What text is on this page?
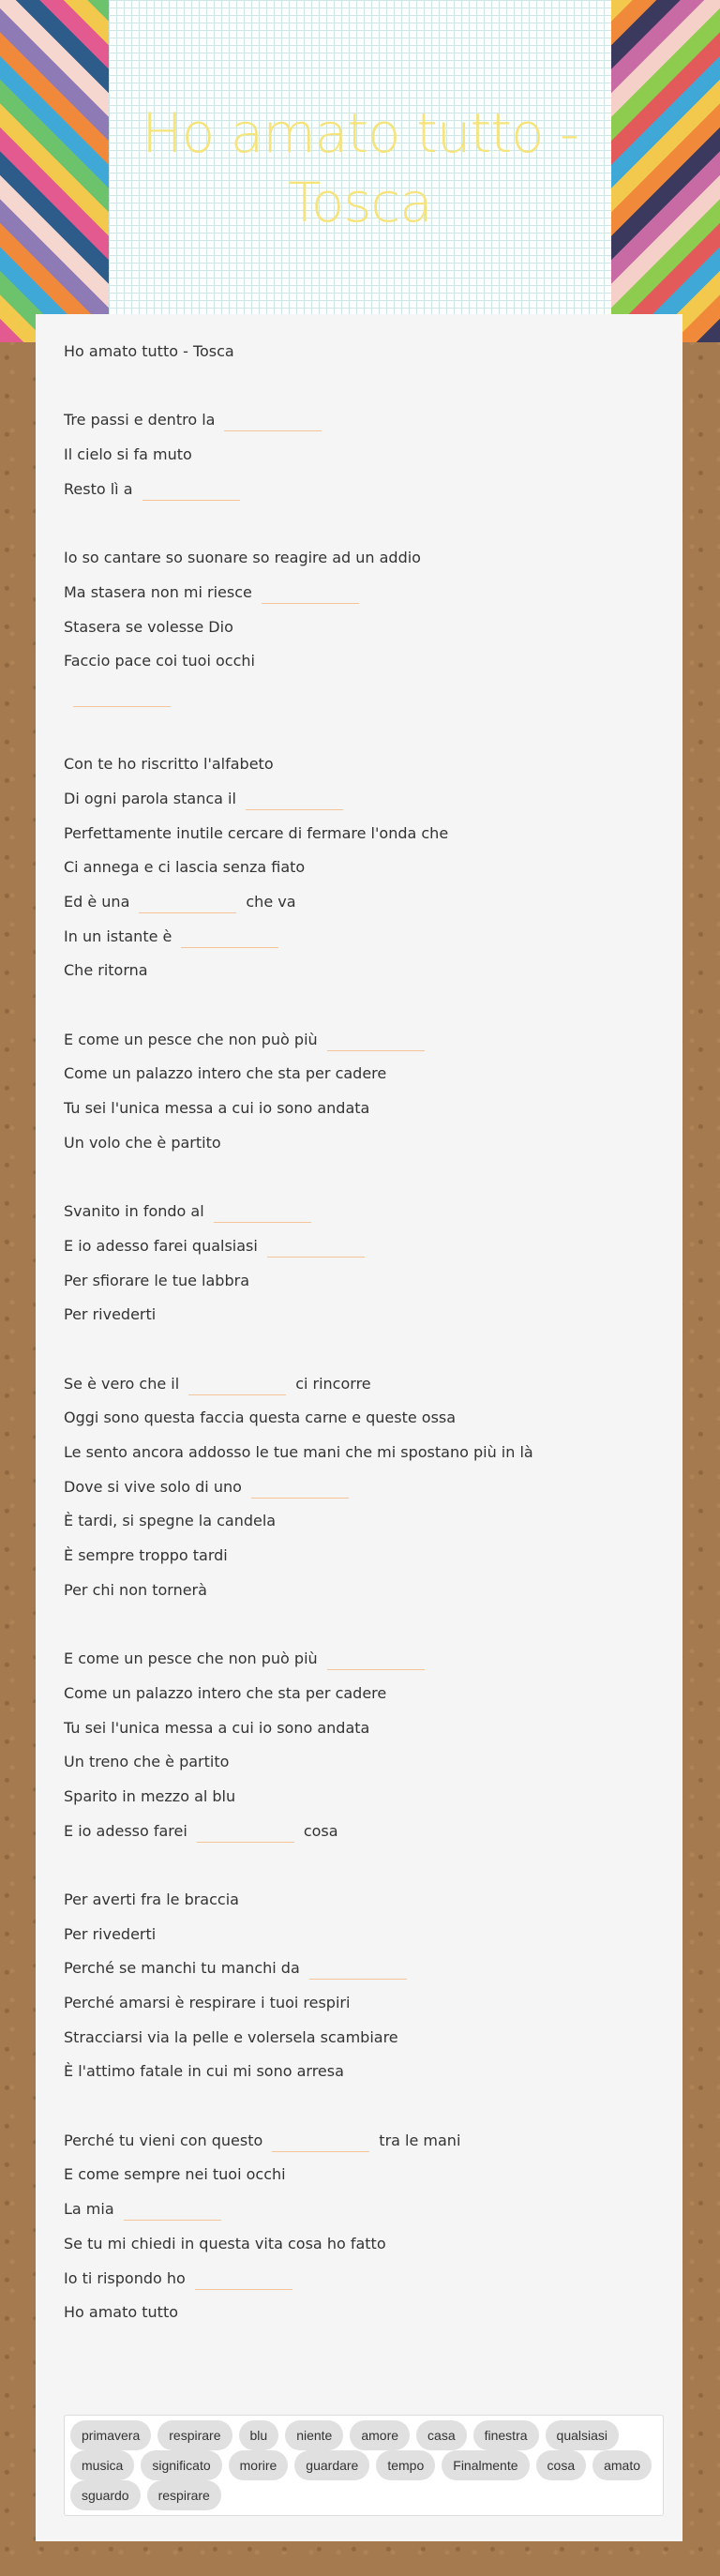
Ho amato tutto - Tosca
Ho amato tutto - Tosca
Tre passi e dentro la
Il cielo si fa muto
Resto lì a
Io so cantare so suonare so reagire ad un addio
Ma stasera non mi riesce
Stasera se volesse Dio
Faccio pace coi tuoi occhi
Con te ho riscritto l'alfabeto
Di ogni parola stanca il
Perfettamente inutile cercare di fermare l'onda che
Ci annega e ci lascia senza fiato
Ed è una	che va
In un istante è
Che ritorna
E come un pesce che non può più
Come un palazzo intero che sta per cadere
Tu sei l'unica messa a cui io sono andata
Un volo che è partito
Svanito in fondo al
E io adesso farei qualsiasi
Per sfiorare le tue labbra
Per rivederti
Se è vero che il	ci rincorre
Oggi sono questa faccia questa carne e queste ossa
Le sento ancora addosso le tue mani che mi spostano più in là
Dove si vive solo di uno
È tardi, si spegne la candela
È sempre troppo tardi
Per chi non tornerà
E come un pesce che non può più
Come un palazzo intero che sta per cadere
Tu sei l'unica messa a cui io sono andata
Un treno che è partito
Sparito in mezzo al blu
E io adesso farei	cosa
Per averti fra le braccia
Per rivederti
Perché se manchi tu manchi da
Perché amarsi è respirare i tuoi respiri
Stracciarsi via la pelle e volersela scambiare
È l'attimo fatale in cui mi sono arresa
Perché tu vieni con questo	tra le mani
E come sempre nei tuoi occhi
La mia
Se tu mi chiedi in questa vita cosa ho fatto
Io ti rispondo ho
Ho amato tutto
primavera	respirare	blu	niente	amore	casa	finestra	qualsiasi
musica	significato	morire	guardare	tempo	Finalmente	cosa	amato
sguardo	respirare
